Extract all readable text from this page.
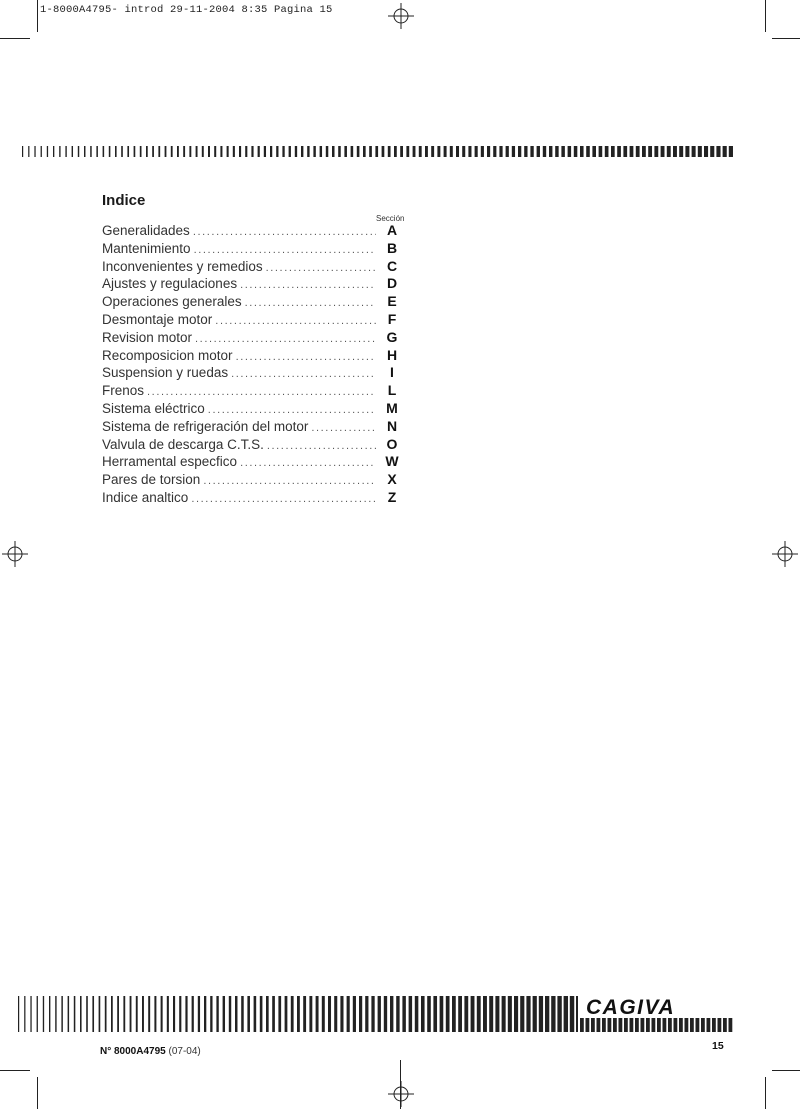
1-8000A4795- introd 29-11-2004 8:35 Pagina 15
Indice
Sección
Generalidades .....	A
Mantenimiento .....	B
Inconvenientes y remedios .....	C
Ajustes y regulaciones .....	D
Operaciones generales .....	E
Desmontaje motor .....	F
Revision motor .....	G
Recomposicion motor .....	H
Suspension y ruedas .....	I
Frenos .....	L
Sistema eléctrico .....	M
Sistema de refrigeración del motor .....	N
Valvula de descarga C.T.S. .....	O
Herramental especfico .....	W
Pares de torsion .....	X
Indice analtico .....	Z
CAGIVA
N° 8000A4795 (07-04)	15
